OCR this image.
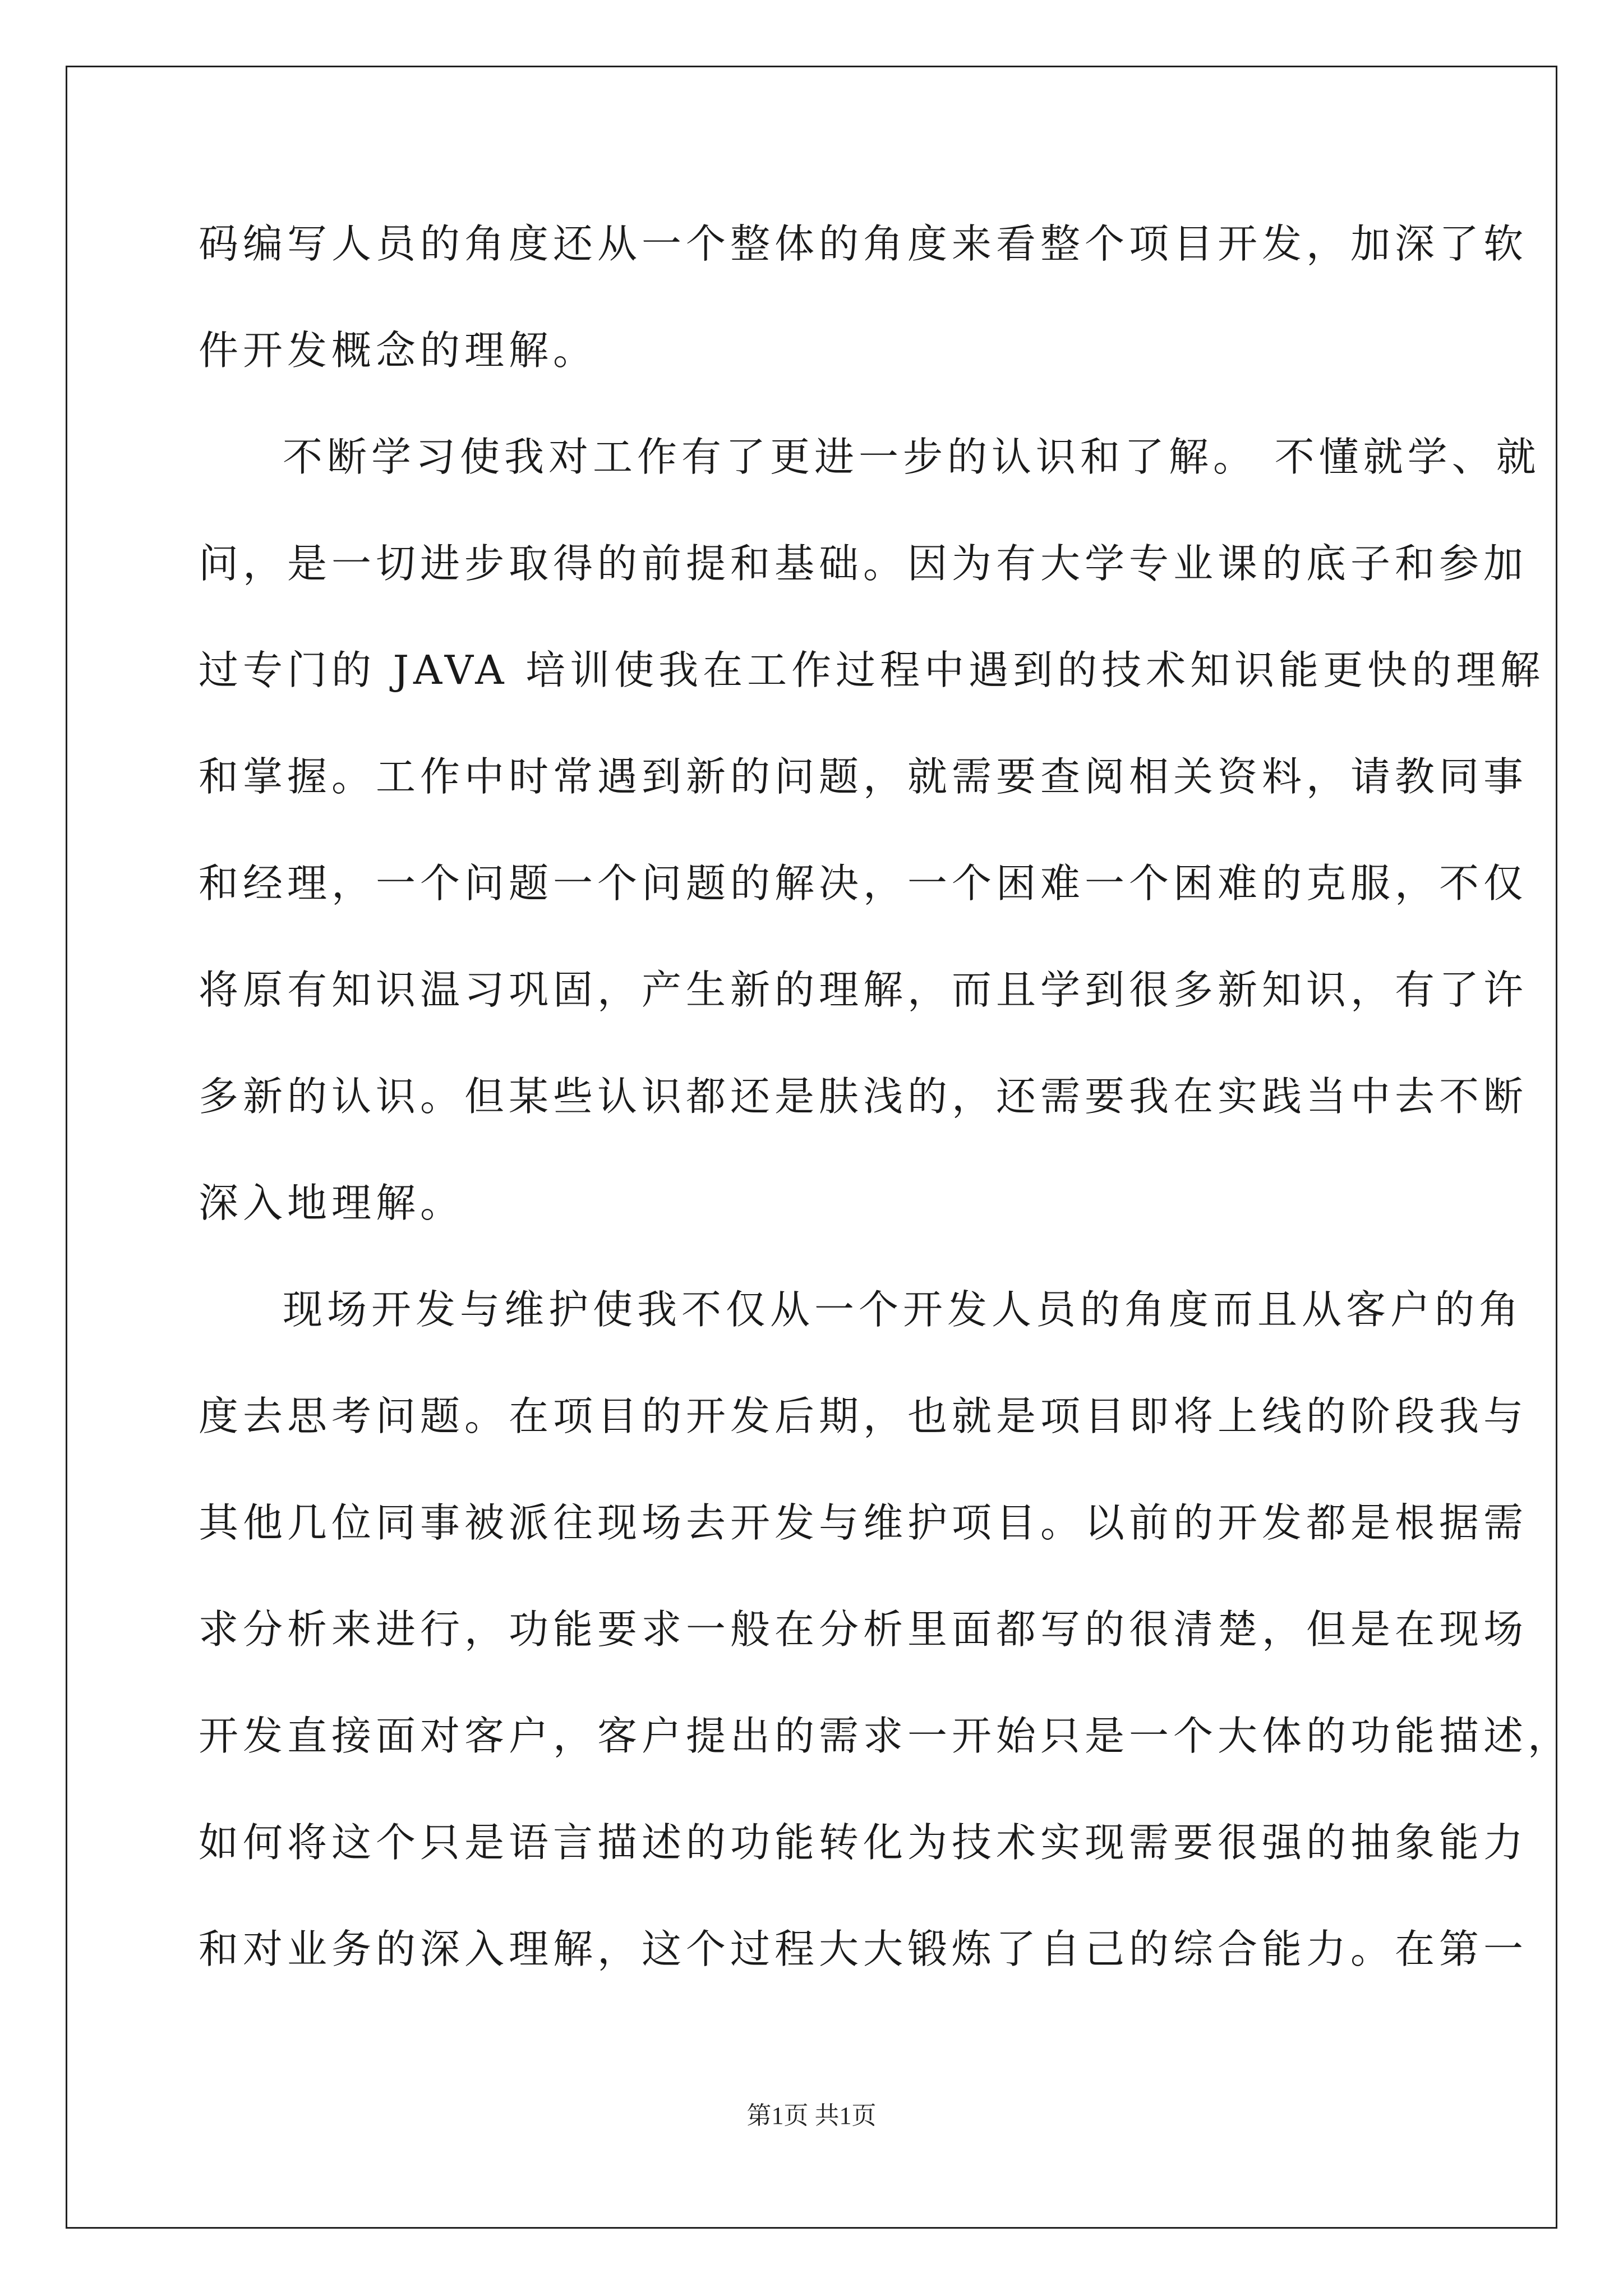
码编写人员的角度还从一个整体的角度来看整个项目开发，加深了软
件开发概念的理解。
不断学习使我对工作有了更进一步的认识和了解。 不懂就学、就
问，是一切进步取得的前提和基础。因为有大学专业课的底子和参加
过专门的 JAVA 培训使我在工作过程中遇到的技术知识能更快的理解
和掌握。工作中时常遇到新的问题，就需要查阅相关资料，请教同事
和经理，一个问题一个问题的解决，一个困难一个困难的克服，不仅
将原有知识温习巩固，产生新的理解，而且学到很多新知识，有了许
多新的认识。但某些认识都还是肤浅的，还需要我在实践当中去不断
深入地理解。
现场开发与维护使我不仅从一个开发人员的角度而且从客户的角
度去思考问题。在项目的开发后期，也就是项目即将上线的阶段我与
其他几位同事被派往现场去开发与维护项目。以前的开发都是根据需
求分析来进行，功能要求一般在分析里面都写的很清楚，但是在现场
开发直接面对客户，客户提出的需求一开始只是一个大体的功能描述，
如何将这个只是语言描述的功能转化为技术实现需要很强的抽象能力
和对业务的深入理解，这个过程大大锻炼了自己的综合能力。在第一
第1页 共1页
